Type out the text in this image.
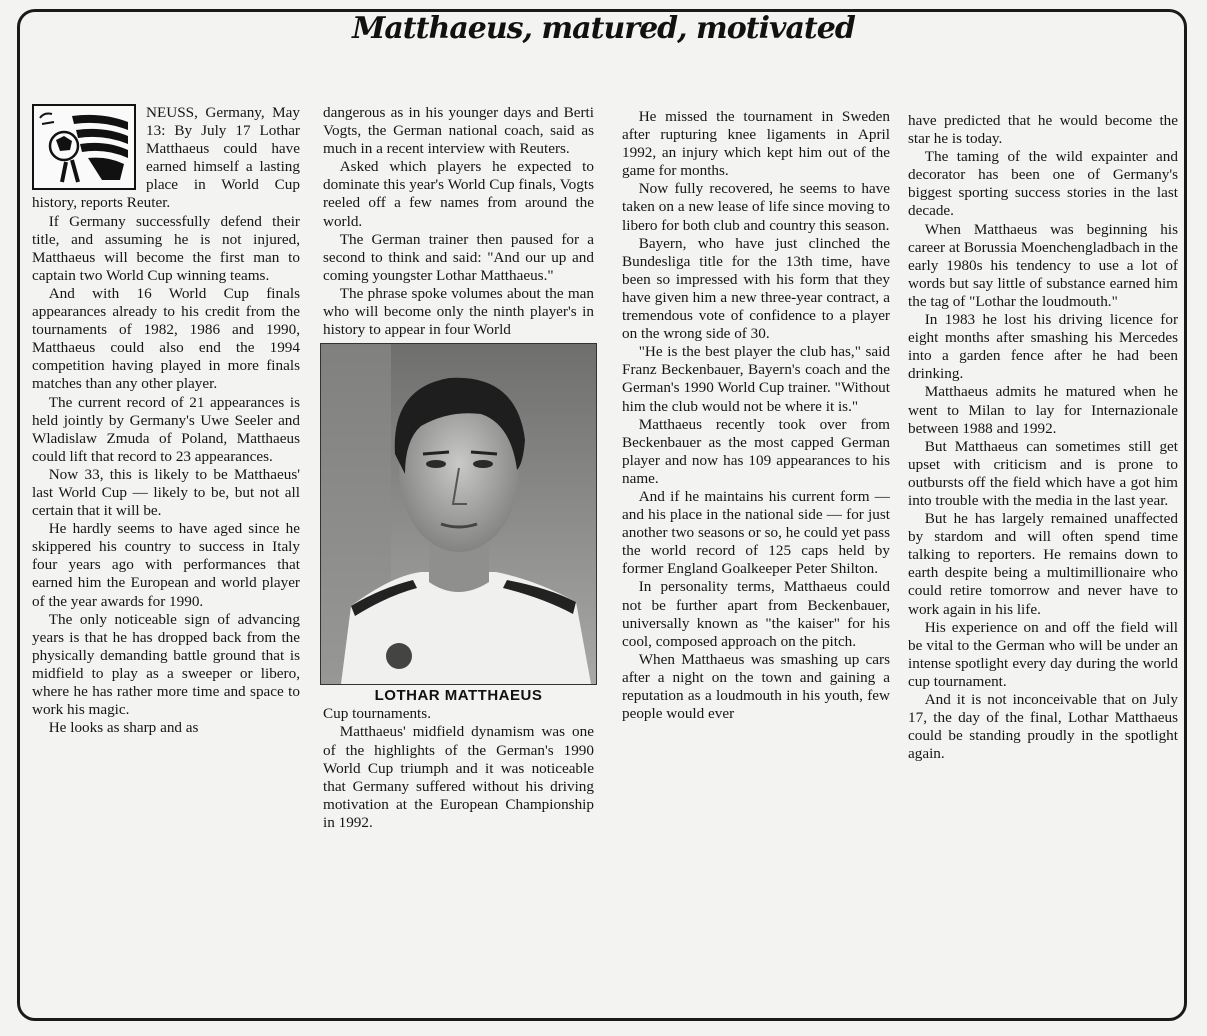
Matthaeus, matured, motivated

NEUSS, Germany, May 13: By July 17 Lothar Matthaeus could have earned himself a lasting place in World Cup history, reports Reuter.

If Germany successfully defend their title, and assuming he is not injured, Matthaeus will become the first man to captain two World Cup winning teams.

And with 16 World Cup finals appearances already to his credit from the tournaments of 1982, 1986 and 1990, Matthaeus could also end the 1994 competition having played in more finals matches than any other player.

The current record of 21 appearances is held jointly by Germany's Uwe Seeler and Wladislaw Zmuda of Poland, Matthaeus could lift that record to 23 appearances.

Now 33, this is likely to be Matthaeus' last World Cup — likely to be, but not all certain that it will be.

He hardly seems to have aged since he skippered his country to success in Italy four years ago with performances that earned him the European and world player of the year awards for 1990.

The only noticeable sign of advancing years is that he has dropped back from the physically demanding battle ground that is midfield to play as a sweeper or libero, where he has rather more time and space to work his magic.

He looks as sharp and as

dangerous as in his younger days and Berti Vogts, the German national coach, said as much in a recent interview with Reuters.

Asked which players he expected to dominate this year's World Cup finals, Vogts reeled off a few names from around the world.

The German trainer then paused for a second to think and said: "And our up and coming youngster Lothar Matthaeus."

The phrase spoke volumes about the man who will become only the ninth player's in history to appear in four World

LOTHAR MATTHAEUS

Cup tournaments.

Matthaeus' midfield dynamism was one of the highlights of the German's 1990 World Cup triumph and it was noticeable that Germany suffered without his driving motivation at the European Championship in 1992.

He missed the tournament in Sweden after rupturing knee ligaments in April 1992, an injury which kept him out of the game for months.

Now fully recovered, he seems to have taken on a new lease of life since moving to libero for both club and country this season.

Bayern, who have just clinched the Bundesliga title for the 13th time, have been so impressed with his form that they have given him a new three-year contract, a tremendous vote of confidence to a player on the wrong side of 30.

"He is the best player the club has," said Franz Beckenbauer, Bayern's coach and the German's 1990 World Cup trainer. "Without him the club would not be where it is."

Matthaeus recently took over from Beckenbauer as the most capped German player and now has 109 appearances to his name.

And if he maintains his current form — and his place in the national side — for just another two seasons or so, he could yet pass the world record of 125 caps held by former England Goalkeeper Peter Shilton.

In personality terms, Matthaeus could not be further apart from Beckenbauer, universally known as "the kaiser" for his cool, composed approach on the pitch.

When Matthaeus was smashing up cars after a night on the town and gaining a reputation as a loudmouth in his youth, few people would ever

have predicted that he would become the star he is today.

The taming of the wild expainter and decorator has been one of Germany's biggest sporting success stories in the last decade.

When Matthaeus was beginning his career at Borussia Moenchengladbach in the early 1980s his tendency to use a lot of words but say little of substance earned him the tag of "Lothar the loudmouth."

In 1983 he lost his driving licence for eight months after smashing his Mercedes into a garden fence after he had been drinking.

Matthaeus admits he matured when he went to Milan to lay for Internazionale between 1988 and 1992.

But Matthaeus can sometimes still get upset with criticism and is prone to outbursts off the field which have a got him into trouble with the media in the last year.

But he has largely remained unaffected by stardom and will often spend time talking to reporters. He remains down to earth despite being a multimillionaire who could retire tomorrow and never have to work again in his life.

His experience on and off the field will be vital to the German who will be under an intense spotlight every day during the world cup tournament.

And it is not inconceivable that on July 17, the day of the final, Lothar Matthaeus could be standing proudly in the spotlight again.
